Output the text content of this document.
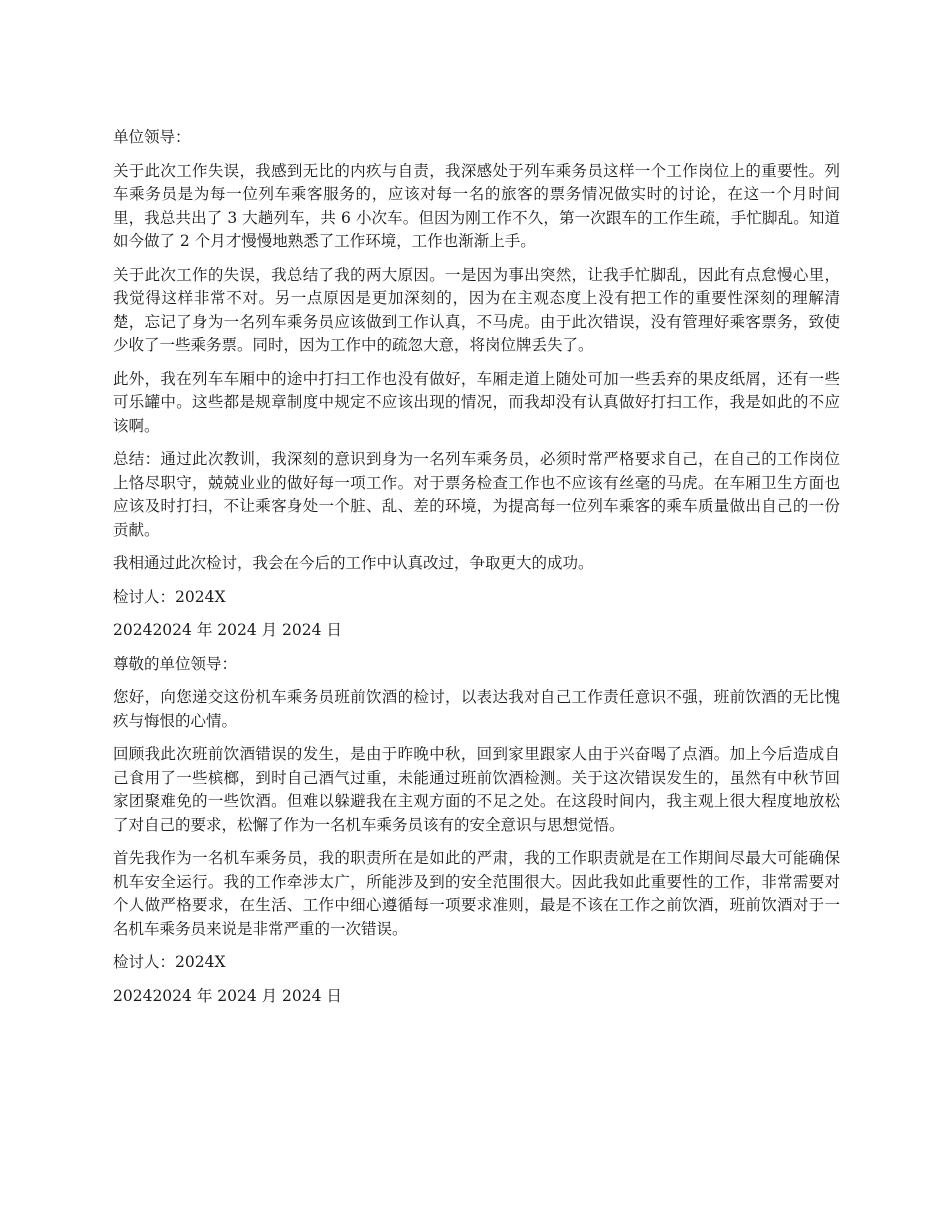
单位领导：

关于此次工作失误，我感到无比的内疚与自责，我深感处于列车乘务员这样一个工作岗位上的重要性。列车乘务员是为每一位列车乘客服务的，应该对每一名的旅客的票务情况做实时的讨论，在这一个月时间里，我总共出了 3 大趟列车，共 6 小次车。但因为刚工作不久，第一次跟车的工作生疏，手忙脚乱。知道如今做了 2 个月才慢慢地熟悉了工作环境，工作也渐渐上手。

关于此次工作的失误，我总结了我的两大原因。一是因为事出突然，让我手忙脚乱，因此有点怠慢心里，我觉得这样非常不对。另一点原因是更加深刻的，因为在主观态度上没有把工作的重要性深刻的理解清楚，忘记了身为一名列车乘务员应该做到工作认真，不马虎。由于此次错误，没有管理好乘客票务，致使少收了一些乘务票。同时，因为工作中的疏忽大意，将岗位牌丢失了。

此外，我在列车车厢中的途中打扫工作也没有做好，车厢走道上随处可加一些丢弃的果皮纸屑，还有一些可乐罐中。这些都是规章制度中规定不应该出现的情况，而我却没有认真做好打扫工作，我是如此的不应该啊。

总结：通过此次教训，我深刻的意识到身为一名列车乘务员，必须时常严格要求自己，在自己的工作岗位上恪尽职守，兢兢业业的做好每一项工作。对于票务检查工作也不应该有丝毫的马虎。在车厢卫生方面也应该及时打扫，不让乘客身处一个脏、乱、差的环境，为提高每一位列车乘客的乘车质量做出自己的一份贡献。

我相通过此次检讨，我会在今后的工作中认真改过，争取更大的成功。

检讨人：2024X

20242024 年 2024 月 2024 日

尊敬的单位领导：

您好，向您递交这份机车乘务员班前饮酒的检讨，以表达我对自己工作责任意识不强，班前饮酒的无比愧疚与悔恨的心情。

回顾我此次班前饮酒错误的发生，是由于昨晚中秋，回到家里跟家人由于兴奋喝了点酒。加上今后造成自己食用了一些槟榔，到时自己酒气过重，未能通过班前饮酒检测。关于这次错误发生的，虽然有中秋节回家团聚难免的一些饮酒。但难以躲避我在主观方面的不足之处。在这段时间内，我主观上很大程度地放松了对自己的要求，松懈了作为一名机车乘务员该有的安全意识与思想觉悟。

首先我作为一名机车乘务员，我的职责所在是如此的严肃，我的工作职责就是在工作期间尽最大可能确保机车安全运行。我的工作牵涉太广，所能涉及到的安全范围很大。因此我如此重要性的工作，非常需要对个人做严格要求，在生活、工作中细心遵循每一项要求准则，最是不该在工作之前饮酒，班前饮酒对于一名机车乘务员来说是非常严重的一次错误。

检讨人：2024X

20242024 年 2024 月 2024 日
